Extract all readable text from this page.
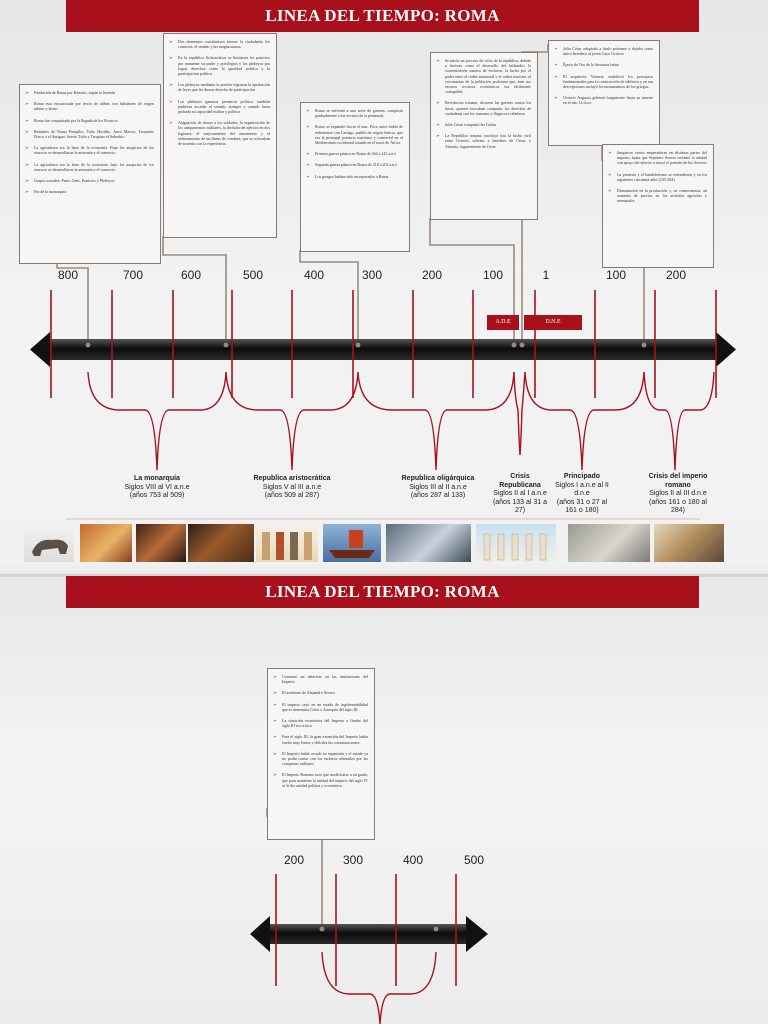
LINEA DEL TIEMPO: ROMA
800	700	600	500	400	300	200	100	1	100	200
A.D.E	D.N.E
➢ Fundación de Roma por Rómulo, según la leyenda
➢ Roma esta estructurada por tercio de aldeas con habitantes de origen sabino y latino
➢ Roma fue conquistada por la llegada de los Etruscos
➢ Reinados de Numa Pompilio, Tulio Hostilio, Anco Marcio, Tarquinio Prisco o el Antiguo, Servio Tulio y Tarquino el Soberbio
➢ La agricultura era la base de la economía. Bajo los auspicios de los etruscos se desarrollaron la artesanía y el comercio
➢ La agricultura era la base de la economía, bajo los auspicios de los etruscos se desarrollaron la artesanía y el comercio
➢ Grupos sociales: Pater, Gens, Patricios y Plebeyos
➢ Fin de la monarquía
➢ Dos elementos constitutivos fueron: la ciudadanía, los comicios, el senado y las magistraturas.
➢ En la república Aristocrática se limitaron los patricios por mantener su poder y privilegios y los plebeyos por lograr derechos como la igualdad política y la participación política
➢ Los plebeyos mediante la presión lograron la aprobación de leyes que les dieron derecho de participación
➢ Los plebeyos ganaron presencia política, también pudieron acceder al senado, siempre y cuando fuera probada su capacidad militar y política
➢ Asignación de tierras a los soldados, la organización de los campamentos militares, la división del ejército en dos legiones, el mejoramiento del armamento y el ordenamiento de las líneas de combate, que se colocaban de acuerdo con la experiencia.
➢ Roma se enfrentó a una serie de guerras, conquistó gradualmente a los vecinos de la península
➢ Roma se expandió hacia el mar. Poco antes había de enfrentarse con Cartago, pueblo de origen fenicio, que era la principal potencia marítima y comercial en el Mediterráneo occidental situado en el norte de África
➢ Primera guerra púnica en Roma de 264 a 241 a.n.e
➢ Segunda guerra púnica en Roma de 218 a 201 a.n.e
➢ Los griegos habían sido incorporados a Roma
➢ Se inició un proceso de crisis de la república, debido a factores como el desarrollo del latifundio, la concentración masiva de esclavos, la lucha por el poder entre el orden senatorial y el orden ecuestre, el crecimiento de la población proletaria que, ante sus escasos recursos económicos era fácilmente corruptible.
➢ Revolución romana, dictaron las guerras contra los itosis, quienes buscaban compartir los derechos de ciudadanía con los romanos y llegaron a rebelarse
➢ Julio César conquistó las Galias
➢ La República romana concluyó tras la lucha civil entre Octavio, sobrino y heredero de César, y Antonio, lugarteniente de César.
➢ Julio César adoptado a título póstumo y dejaba como único heredero al joven Cayo Octavio
➢ Época de Oro de la literatura latina
➢ El arquitecto Vitruvio estableció los principios fundamentales para la construcción de edificios y en sus descripciones incluyó los monumentos de los griegos.
➢ Octavio Augusto gobernó largamente hasta su muerte en el año 14 d.n.e.
➢ Surgieron varios emperadores en distintas partes del imperio, hasta que Septimio Severo reclamó la unidad con apoyo del ejército e inició el periodo de los Severos
➢ La piratería y el bandolerismo se extendieron y en los siguientes cincuenta años (235-284)
➢ Disminución en la producción y, en consecuencia, un aumento de precios en los artículos agrícolas y artesanales
La monarquía
Siglos VIII al VI a.n.e
(años 753 al 509)
Republica aristocrática
Siglos V al III a.n.e
(años 509 al 287)
Republica oligárquica
Siglos III al II a.n.e
(años 287 al 133)
Crisis Republicana
Siglos II al I a.n.e
(años 133 al 31 a 27)
Principado
Siglos I a.n.e al II d.n.e
(años 31 o 27 al 161 o 180)
Crisis del imperio romano
Siglos II al III d.n.e
(años 161 o 180 al 284)
LINEA DEL TIEMPO: ROMA
200	300	400	500
➢ Comenzó un deterioro en las instituciones del Imperio
➢ El asesinato de Alejandro Severo
➢ El imperio cayó en un estado de ingobernabilidad que se denomina Crisis o Anarquía del siglo III
➢ La situación económica del Imperio a finales del siglo III era crítica
➢ Para el siglo III, la gran extensión del Imperio había vuelto muy lentas y difíciles las comunicaciones
➢ El Imperio había cesado su expansión y el estado ya no podía contar con los esclavos obtenidos por las conquistas militares
➢ El Imperio Romano tuvo que modificarse a tal grado, que para mantener la unidad del imperio del siglo IV se le dio unidad política y económica.
